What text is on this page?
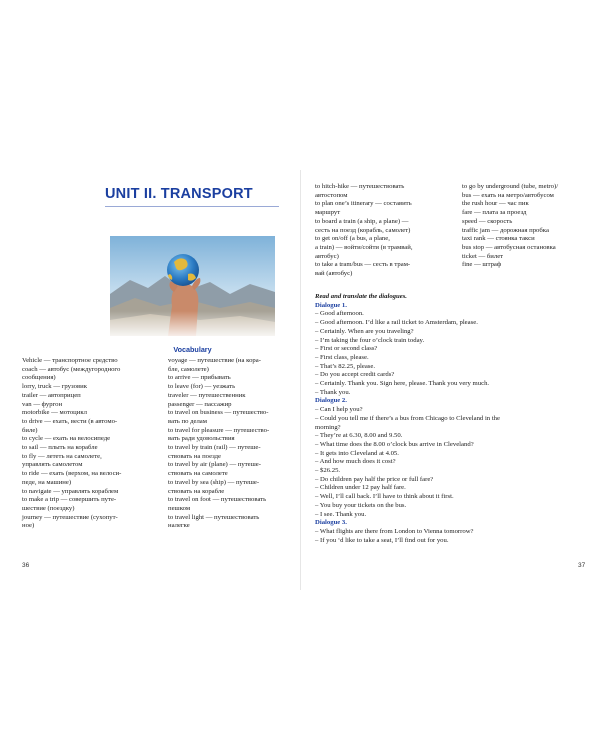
UNIT II. TRANSPORT
Vocabulary
Vehicle — транспортное средство
coach — автобус (междугородного
сообщения)
lorry, truck — грузовик
trailer — автоприцеп
van — фургон
motorbike — мотоцикл
to drive — ехать, вести (в автомо-
биле)
to cycle — ехать на велосипеде
to sail — плыть на корабле
to fly — лететь на самолете,
управлять самолетом
to ride — ехать (верхом, на велоси-
педе, на машине)
to navigate — управлять кораблем
to make a trip — совершить путе-
шествие (поездку)
journey — путешествие (сухопут-
ное)
voyage — путешествие (на кора-
бле, самолете)
to arrive — прибывать
to leave (for) — уезжать
traveler — путешественник
passenger — пассажир
to travel on business — путешество-
вать по делам
to travel for pleasure — путешество-
вать ради удовольствия
to travel by train (rail) — путеше-
ствовать на поезде
to travel by air (plane) — путеше-
ствовать на самолете
to travel by sea (ship) — путеше-
ствовать на корабле
to travel on foot — путешествовать
пешком
to travel light — путешествовать
налегке
36
to hitch-hike — путешествовать
автостопом
to plan one’s itinerary — составить
маршрут
to board a train (a ship, a plane) —
сесть на поезд (корабль, самолет)
to get on/off (a bus, a plane,
a train) — войти/сойти (в трамвай,
автобус)
to take a tram/bus — сесть в трам-
вай (автобус)
to go by underground (tube, metro)/
bus — ехать на метро/автобусом
the rush hour — час пик
fare — плата за проезд
speed — скорость
traffic jam — дорожная пробка
taxi rank — стоянка такси
bus stop — автобусная остановка
ticket — билет
fine — штраф
Read and translate the dialogues.
Dialogue 1.
– Good afternoon.
– Good afternoon. I’d like a rail ticket to Amsterdam, please.
– Certainly. When are you traveling?
– I’m taking the four o’clock train today.
– First or second class?
– First class, please.
– That’s 82.25, please.
– Do you accept credit cards?
– Certainly. Thank you. Sign here, please. Thank you very much.
– Thank you.
Dialogue 2.
– Can I help you?
– Could you tell me if there’s a bus from Chicago to Cleveland in the
morning?
– They’re at 6.30, 8.00 and 9.50.
– What time does the 8.00 o’clock bus arrive in Cleveland?
– It gets into Cleveland at 4.05.
– And how much does it cost?
– $26.25.
– Do children pay half the price or full fare?
– Children under 12 pay half fare.
– Well, I’ll call back. I’ll have to think about it first.
– You buy your tickets on the bus.
– I see. Thank you.
Dialogue 3.
– What flights are there from London to Vienna tomorrow?
– If you ‘d like to take a seat, I’ll find out for you.
37
